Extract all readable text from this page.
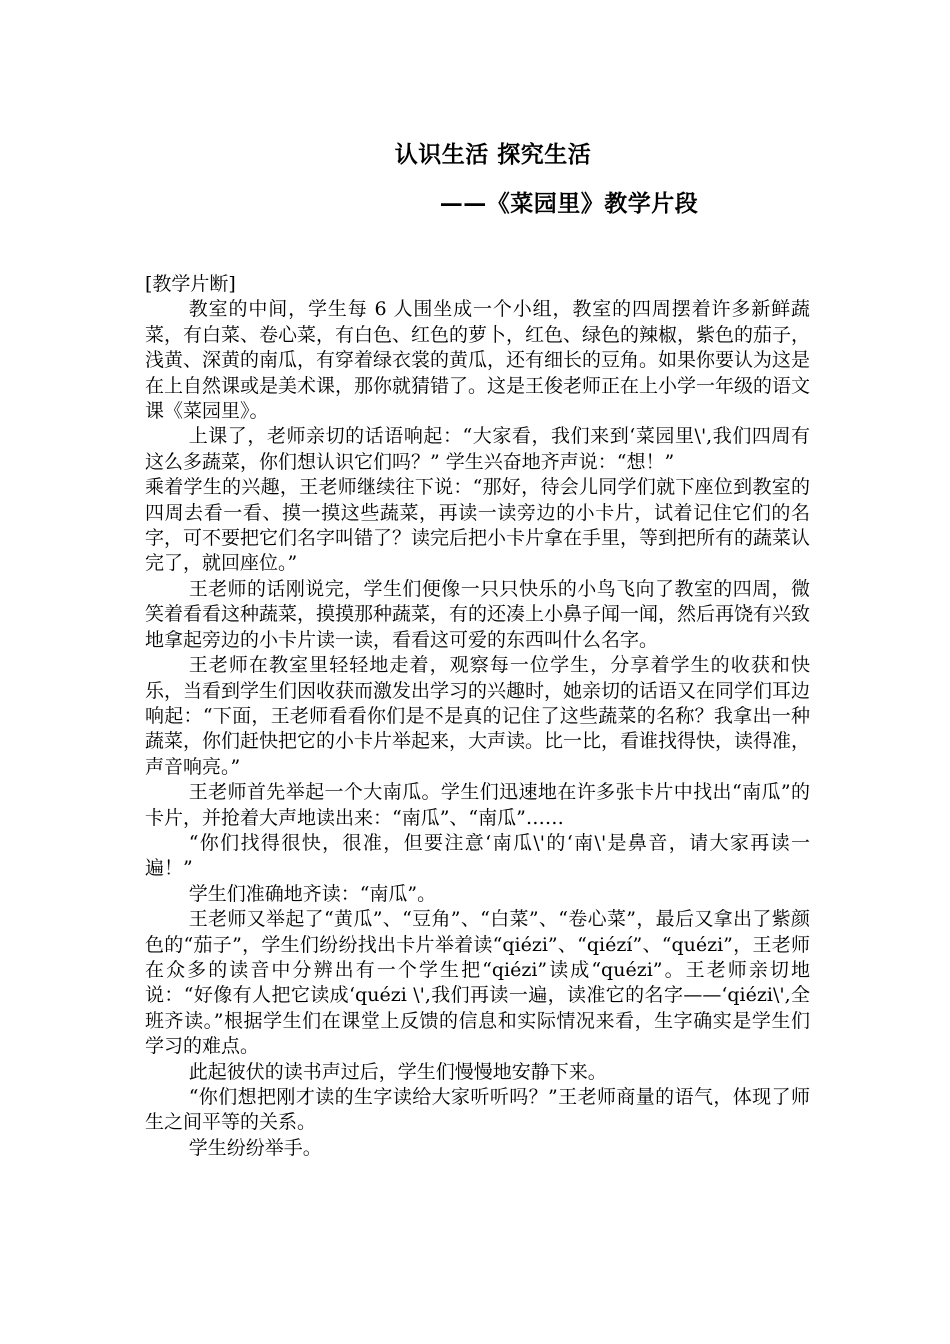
认识生活 探究生活
——《菜园里》教学片段

[教学片断]

教室的中间，学生每 6 人围坐成一个小组，教室的四周摆着许多新鲜蔬菜，有白菜、卷心菜，有白色、红色的萝卜，红色、绿色的辣椒，紫色的茄子，浅黄、深黄的南瓜，有穿着绿衣裳的黄瓜，还有细长的豆角。如果你要认为这是在上自然课或是美术课，那你就猜错了。这是王俊老师正在上小学一年级的语文课《菜园里》。

上课了，老师亲切的话语响起：“大家看，我们来到‘菜园里\',我们四周有这么多蔬菜，你们想认识它们吗？” 学生兴奋地齐声说：“想！”

乘着学生的兴趣，王老师继续往下说：“那好，待会儿同学们就下座位到教室的四周去看一看、摸一摸这些蔬菜，再读一读旁边的小卡片，试着记住它们的名字，可不要把它们名字叫错了？读完后把小卡片拿在手里，等到把所有的蔬菜认完了，就回座位。”

王老师的话刚说完，学生们便像一只只快乐的小鸟飞向了教室的四周，微笑着看看这种蔬菜，摸摸那种蔬菜，有的还凑上小鼻子闻一闻，然后再饶有兴致地拿起旁边的小卡片读一读，看看这可爱的东西叫什么名字。

王老师在教室里轻轻地走着，观察每一位学生，分享着学生的收获和快乐，当看到学生们因收获而激发出学习的兴趣时，她亲切的话语又在同学们耳边响起：“下面，王老师看看你们是不是真的记住了这些蔬菜的名称？我拿出一种蔬菜，你们赶快把它的小卡片举起来，大声读。比一比，看谁找得快，读得准，声音响亮。”

王老师首先举起一个大南瓜。学生们迅速地在许多张卡片中找出“南瓜”的卡片，并抢着大声地读出来：“南瓜”、“南瓜”……

“你们找得很快，很准，但要注意‘南瓜\'的‘南\'是鼻音，请大家再读一遍！”

学生们准确地齐读：“南瓜”。

王老师又举起了“黄瓜”、“豆角”、“白菜”、“卷心菜”，最后又拿出了紫颜色的“茄子”，学生们纷纷找出卡片举着读“qiézi”、“qiézí”、“quézi”，王老师在众多的读音中分辨出有一个学生把“qiézi”读成“quézi”。王老师亲切地说：“好像有人把它读成‘quézi \',我们再读一遍，读准它的名字——‘qiézi\',全班齐读。”根据学生们在课堂上反馈的信息和实际情况来看，生字确实是学生们学习的难点。

此起彼伏的读书声过后，学生们慢慢地安静下来。

“你们想把刚才读的生字读给大家听听吗？”王老师商量的语气，体现了师生之间平等的关系。

学生纷纷举手。
